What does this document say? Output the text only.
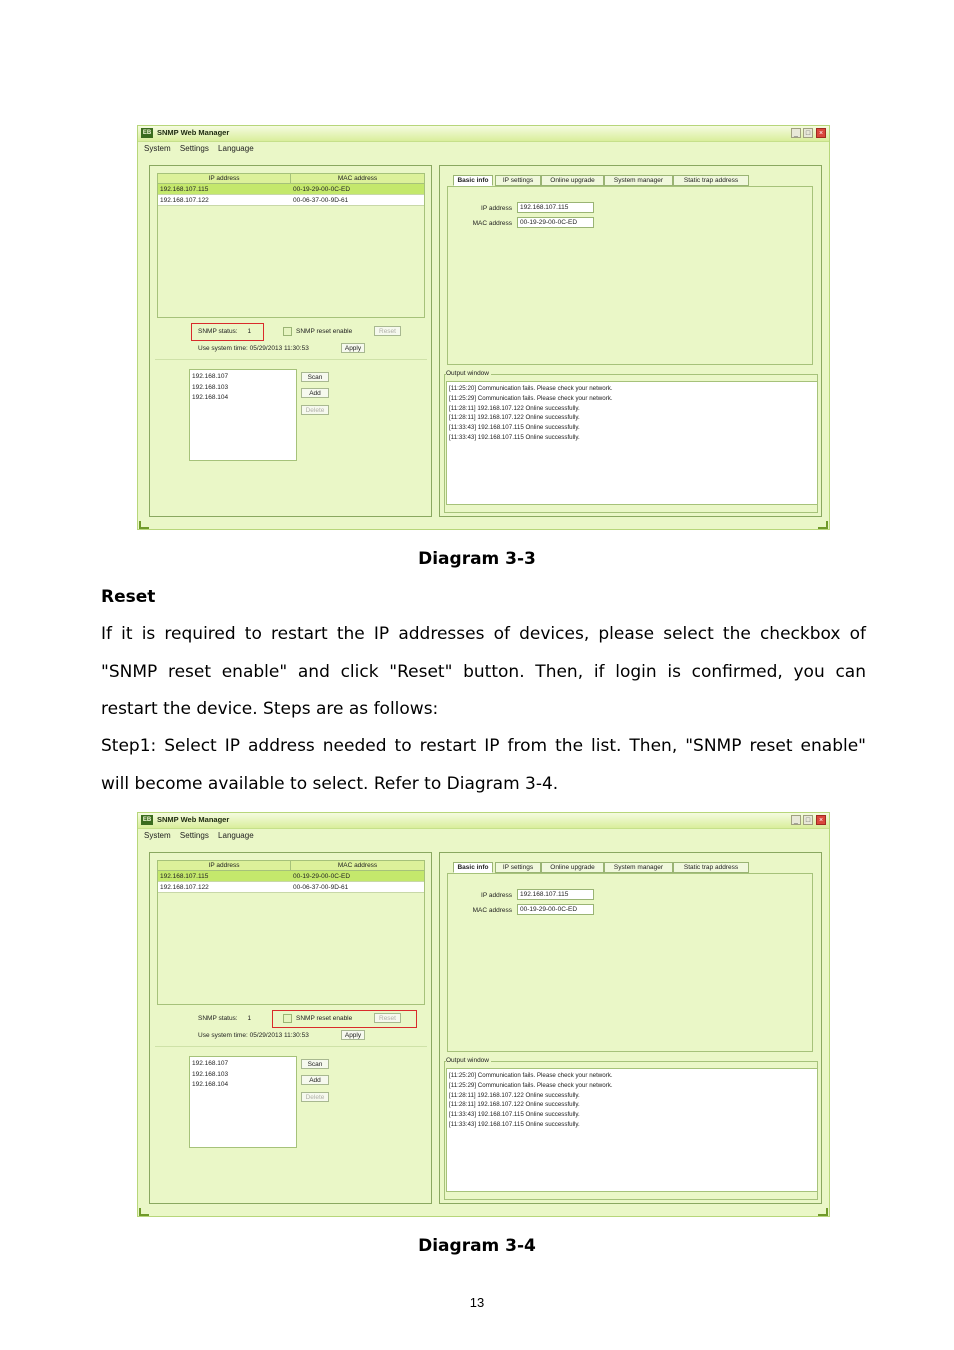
EB SNMP Web Manager	_	□	×
System Settings Language
IP address	MAC address
192.168.107.115	00-19-29-00-0C-ED
192.168.107.122	00-06-37-00-9D-61
SNMP status: 1	SNMP reset enable	Reset
Use system time: 05/29/2013 11:30:53	Apply
192.168.107
192.168.103
192.168.104
Scan
Add
Delete
Basic info	IP settings	Online upgrade	System manager	Static trap address
IP address	192.168.107.115
MAC address	00-19-29-00-0C-ED
Output window
[11:25:20] Communication fails. Please check your network.
[11:25:29] Communication fails. Please check your network.
[11:28:11] 192.168.107.122 Online successfully.
[11:28:11] 192.168.107.122 Online successfully.
[11:33:43] 192.168.107.115 Online successfully.
[11:33:43] 192.168.107.115 Online successfully.
Diagram 3-3
Reset
If it is required to restart the IP addresses of devices, please select the checkbox of
"SNMP reset enable" and click "Reset" button. Then, if login is confirmed, you can
restart the device. Steps are as follows:
Step1: Select IP address needed to restart IP from the list. Then, "SNMP reset enable"
will become available to select. Refer to Diagram 3-4.
EB SNMP Web Manager	_	□	×
System Settings Language
IP address	MAC address
192.168.107.115	00-19-29-00-0C-ED
192.168.107.122	00-06-37-00-9D-61
SNMP status: 1	SNMP reset enable	Reset
Use system time: 05/29/2013 11:30:53	Apply
192.168.107
192.168.103
192.168.104
Scan
Add
Delete
Basic info	IP settings	Online upgrade	System manager	Static trap address
IP address	192.168.107.115
MAC address	00-19-29-00-0C-ED
Output window
[11:25:20] Communication fails. Please check your network.
[11:25:29] Communication fails. Please check your network.
[11:28:11] 192.168.107.122 Online successfully.
[11:28:11] 192.168.107.122 Online successfully.
[11:33:43] 192.168.107.115 Online successfully.
[11:33:43] 192.168.107.115 Online successfully.
Diagram 3-4
13
